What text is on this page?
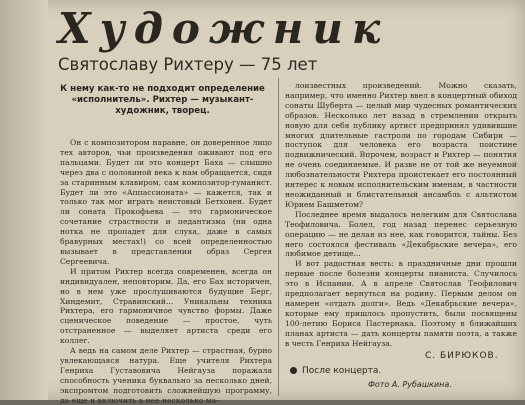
Художник
Святославу Рихтеру — 75 лет
К нему как-то не подходит определение «исполнитель». Рихтер — музыкант-художник, творец.

Он с композитором наравне, он доверенное лицо тех авторов, чьи произведения оживают под его пальцами. Будет ли это концерт Баха — слышно через два с половиной века к нам обращается, сидя за старинным клавиром, сам композитор-гуманист. Будет ли это «Аппассионата» — кажется, так и только так мог играть неистовый Бетховен. Будет ли соната Прокофьева — это гармоническое сочетание страстности и педантизма (ни одна нотка не пропадет для слуха, даже в самых бравурных местах!) со всей определенностью вызывает в представлении образ Сергея Сергеевича.

И притом Рихтер всегда современен, всегда он индивидуален, неповторим. Да, его Бах историчен, но в нем уже прослушиваются будущие Берг, Хиндемит, Стравинский... Уникальны техника Рихтера, его гармоничное чувство формы. Даже сценическое поведение — простое, чуть отстраненное — выделяет артиста среди его коллег.

А ведь на самом деле Рихтер — страстная, бурно увлекающаяся натура. Еще учителя Рихтера Генриха Густавовича Нейгауза поражала способность ученика буквально за несколько дней, экспромтом подготовить сложнейшую программу, да еще и включить в нее несколько ма-

лоизвестных произведений. Можно сказать, например, что именно Рихтер ввел в концертный обиход сонаты Шуберта — целый мир чудесных романтических образов. Несколько лет назад в стремлении открыть новую для себя публику артист предпринял удивившие многих длительные гастроли по городам Сибири — поступок для человека его возраста поистине подвижнический. Впрочем, возраст и Рихтер — понятия не очень соединяемые. И разве не от той же неуемной любознательности Рихтера проистекает его постоянный интерес к новым исполнительским именам, в частности неожиданный и блистательный ансамбль с альтистом Юрием Башметом?

Последнее время выдалось нелегким для Святослава Теофиловича. Болел, год назад перенес серьезную операцию — не делая из нее, как говорится, тайны. Без него состоялся фестиваль «Декабрьские вечера», его любимое детище...

И вот радостная весть: в праздничные дни прошли первые после болезни концерты пианиста. Случилось это в Испании. А в апреле Святослав Теофилович предполагает вернуться на родину. Первым делом он намерен «отдать долги». Ведь «Декабрьские вечера», которые ему пришлось пропустить, были посвящены 100-летию Бориса Пастернака. Поэтому в ближайших планах артиста — дать концерты памяти поэта, а также в честь Генриха Нейгауза.

С. БИРЮКОВ.
После концерта.
Фото А. Рубашкина.
